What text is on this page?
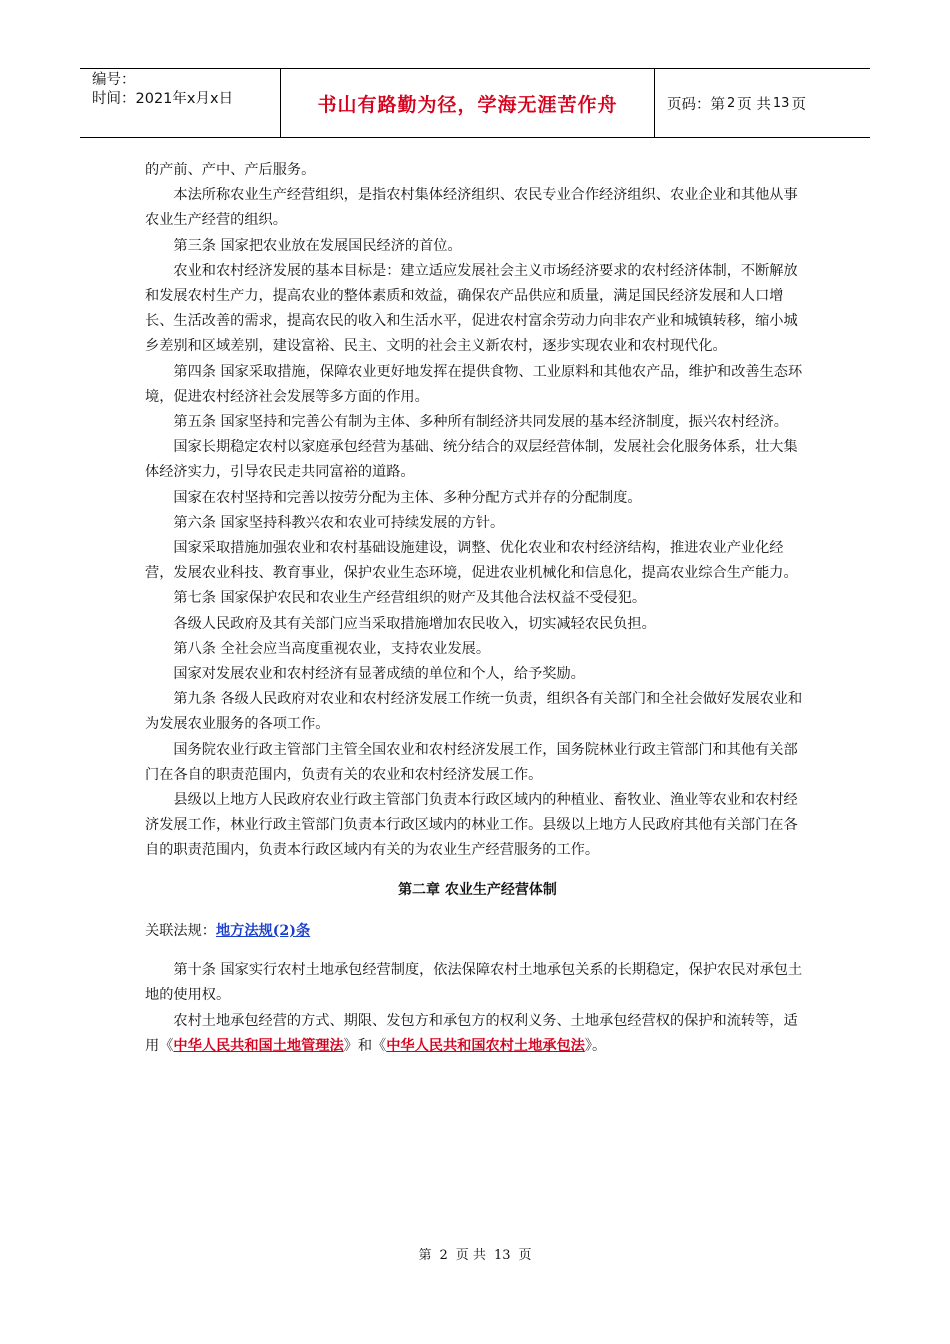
编号：
时间：2021年x月x日	书山有路勤为径，学海无涯苦作舟	页码：第 2 页 共 13 页

的产前、产中、产后服务。

本法所称农业生产经营组织，是指农村集体经济组织、农民专业合作经济组织、农业企业和其他从事农业生产经营的组织。

第三条 国家把农业放在发展国民经济的首位。

农业和农村经济发展的基本目标是：建立适应发展社会主义市场经济要求的农村经济体制，不断解放和发展农村生产力，提高农业的整体素质和效益，确保农产品供应和质量，满足国民经济发展和人口增长、生活改善的需求，提高农民的收入和生活水平，促进农村富余劳动力向非农产业和城镇转移，缩小城乡差别和区域差别，建设富裕、民主、文明的社会主义新农村，逐步实现农业和农村现代化。

第四条 国家采取措施，保障农业更好地发挥在提供食物、工业原料和其他农产品，维护和改善生态环境，促进农村经济社会发展等多方面的作用。

第五条 国家坚持和完善公有制为主体、多种所有制经济共同发展的基本经济制度，振兴农村经济。

国家长期稳定农村以家庭承包经营为基础、统分结合的双层经营体制，发展社会化服务体系，壮大集体经济实力，引导农民走共同富裕的道路。

国家在农村坚持和完善以按劳分配为主体、多种分配方式并存的分配制度。

第六条 国家坚持科教兴农和农业可持续发展的方针。

国家采取措施加强农业和农村基础设施建设，调整、优化农业和农村经济结构，推进农业产业化经营，发展农业科技、教育事业，保护农业生态环境，促进农业机械化和信息化，提高农业综合生产能力。

第七条 国家保护农民和农业生产经营组织的财产及其他合法权益不受侵犯。

各级人民政府及其有关部门应当采取措施增加农民收入，切实减轻农民负担。

第八条 全社会应当高度重视农业，支持农业发展。

国家对发展农业和农村经济有显著成绩的单位和个人，给予奖励。

第九条 各级人民政府对农业和农村经济发展工作统一负责，组织各有关部门和全社会做好发展农业和为发展农业服务的各项工作。

国务院农业行政主管部门主管全国农业和农村经济发展工作，国务院林业行政主管部门和其他有关部门在各自的职责范围内，负责有关的农业和农村经济发展工作。

县级以上地方人民政府农业行政主管部门负责本行政区域内的种植业、畜牧业、渔业等农业和农村经济发展工作，林业行政主管部门负责本行政区域内的林业工作。县级以上地方人民政府其他有关部门在各自的职责范围内，负责本行政区域内有关的为农业生产经营服务的工作。

第二章 农业生产经营体制

关联法规：地方法规(2)条

第十条 国家实行农村土地承包经营制度，依法保障农村土地承包关系的长期稳定，保护农民对承包土地的使用权。

农村土地承包经营的方式、期限、发包方和承包方的权利义务、土地承包经营权的保护和流转等，适用《中华人民共和国土地管理法》和《中华人民共和国农村土地承包法》。

第 2 页 共 13 页
